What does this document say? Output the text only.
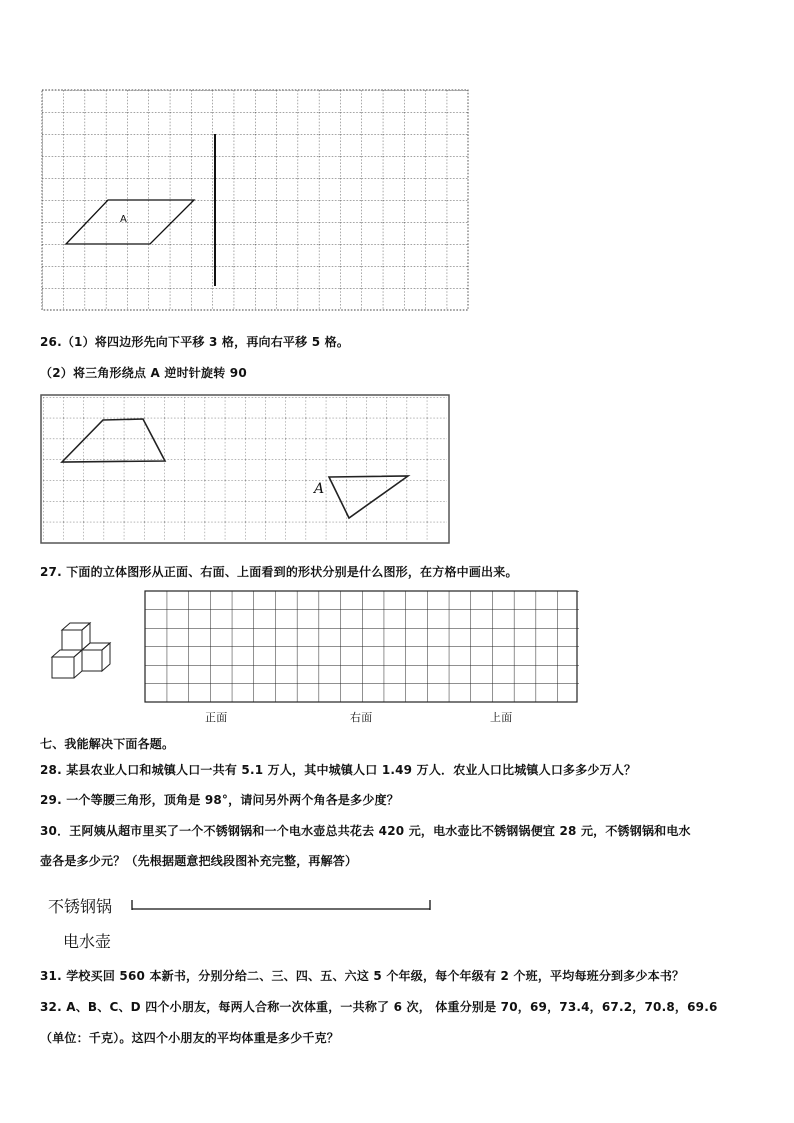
A
26.（1）将四边形先向下平移 3 格，再向右平移 5 格。
（2）将三角形绕点 A 逆时针旋转 90
A
27. 下面的立体图形从正面、右面、上面看到的形状分别是什么图形，在方格中画出来。
正面	右面	上面
七、我能解决下面各题。
28. 某县农业人口和城镇人口一共有 5.1 万人，其中城镇人口 1.49 万人．农业人口比城镇人口多多少万人？
29. 一个等腰三角形，顶角是 98°，请问另外两个角各是多少度？
30．王阿姨从超市里买了一个不锈钢锅和一个电水壶总共花去 420 元，电水壶比不锈钢锅便宜 28 元，不锈钢锅和电水
壶各是多少元？（先根据题意把线段图补充完整，再解答）
不锈钢锅
电水壶
31. 学校买回 560 本新书，分别分给二、三、四、五、六这 5 个年级，每个年级有 2 个班，平均每班分到多少本书？
32. A、B、C、D 四个小朋友，每两人合称一次体重，一共称了 6 次， 体重分别是 70，69，73.4，67.2，70.8，69.6
（单位：千克）。这四个小朋友的平均体重是多少千克？
